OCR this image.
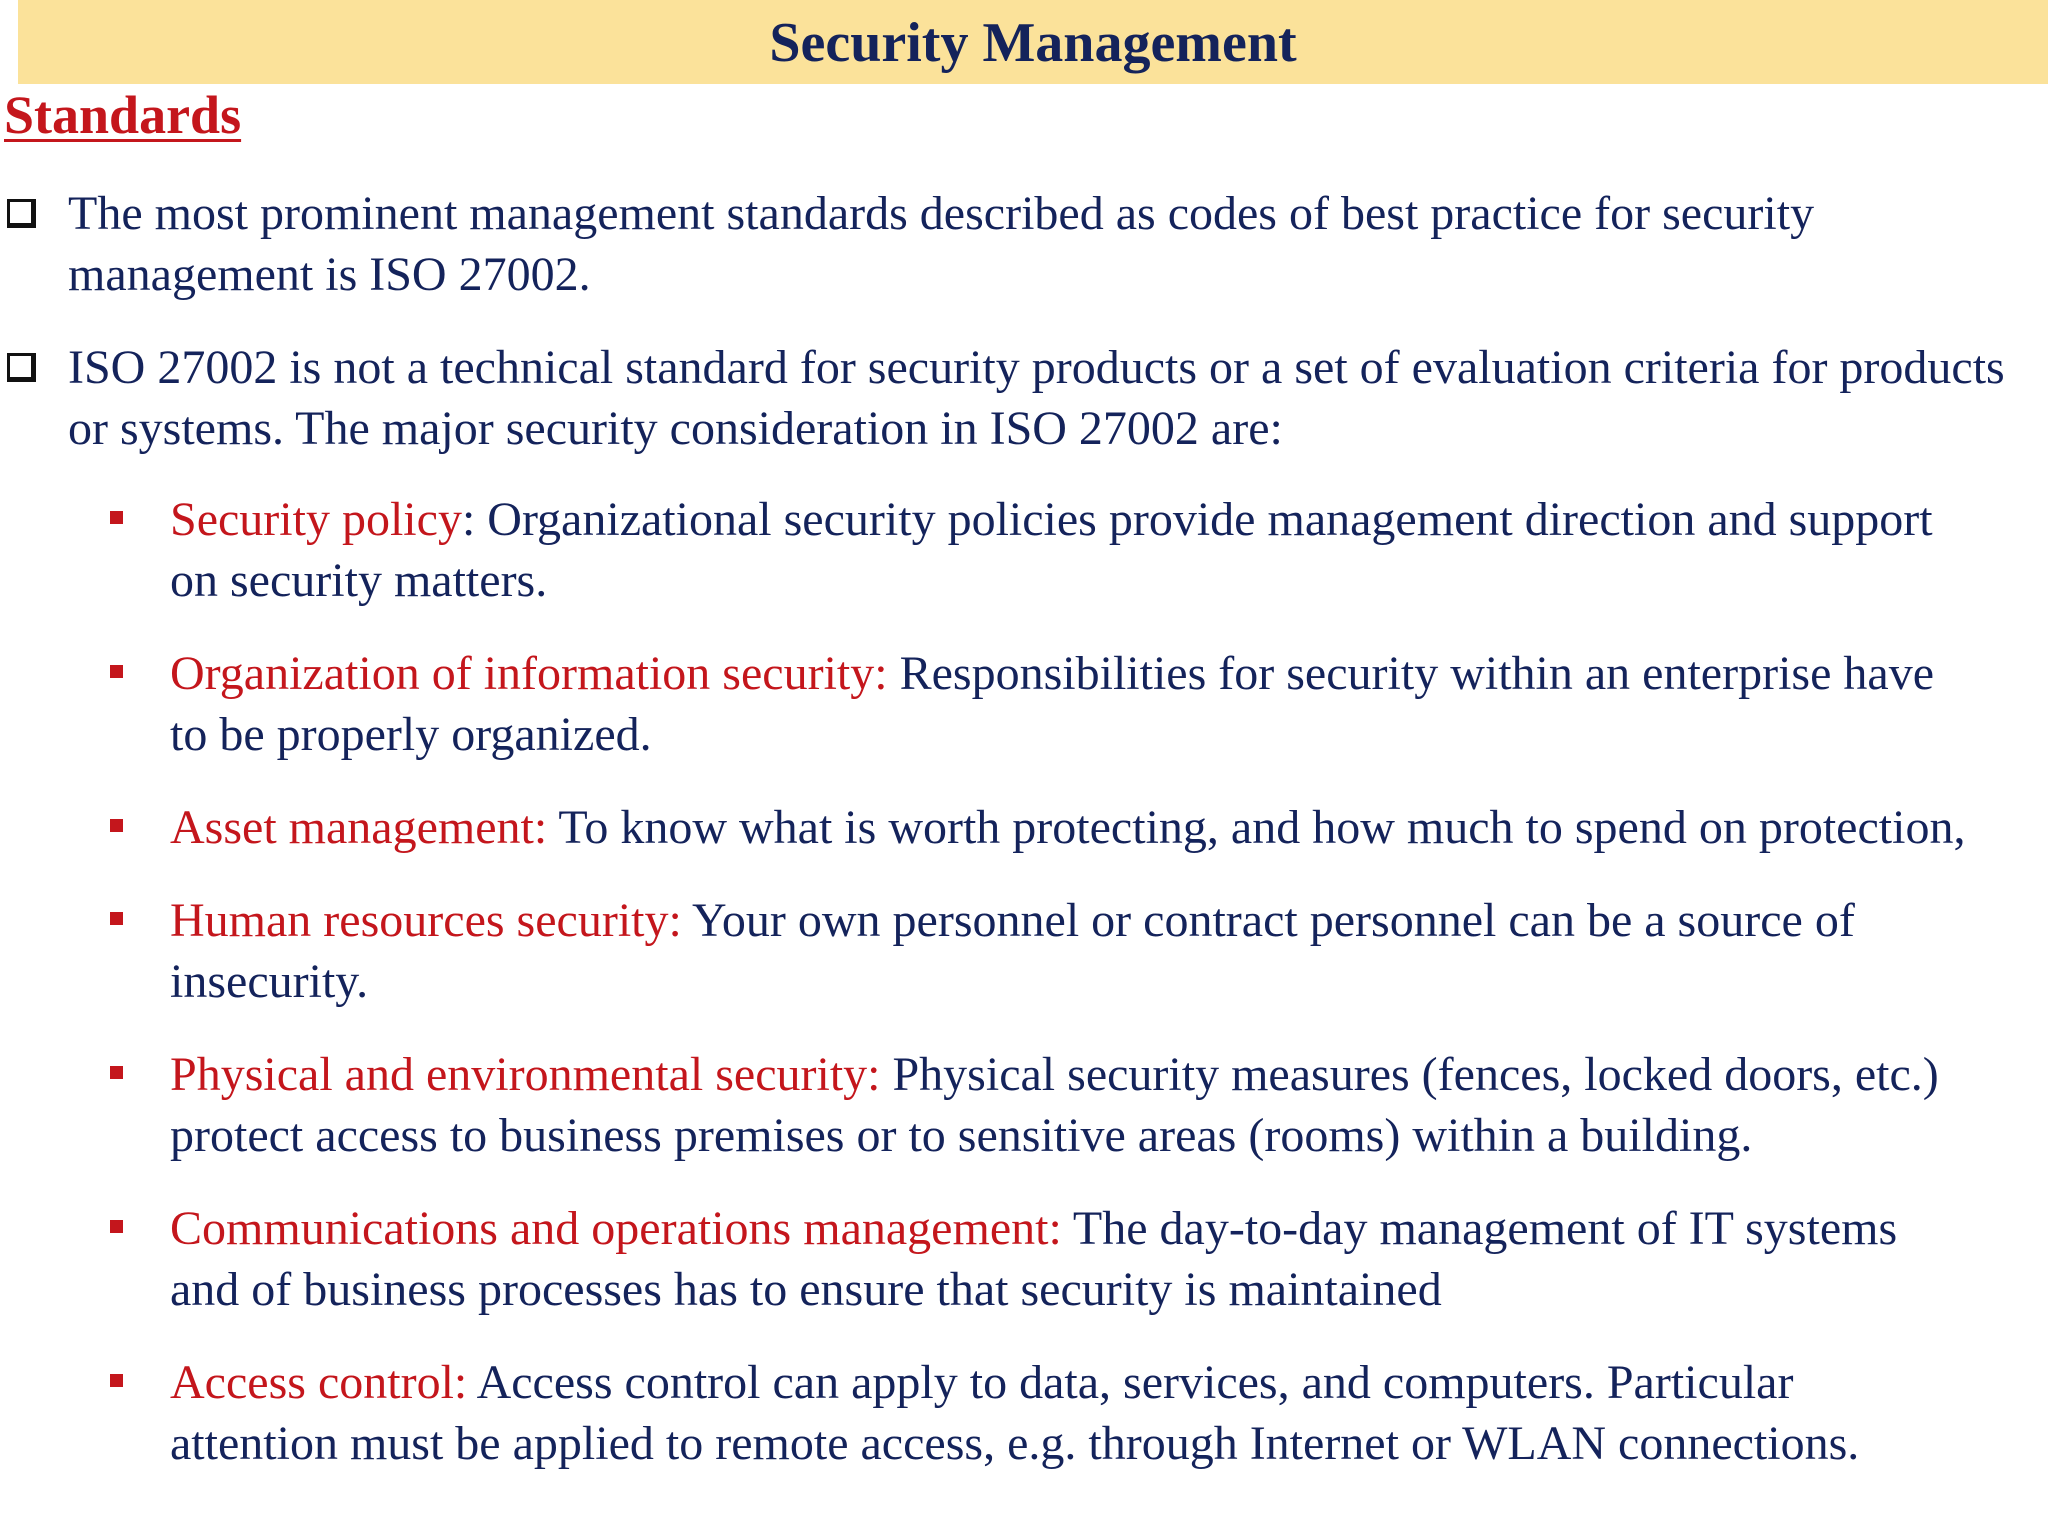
Security Management
Standards
The most prominent management standards described as codes of best practice for security management is ISO 27002.
ISO 27002 is not a technical standard for security products or a set of evaluation criteria for products or systems. The major security consideration in ISO 27002 are:
Security policy: Organizational security policies provide management direction and support on security matters.
Organization of information security: Responsibilities for security within an enterprise have to be properly organized.
Asset management: To know what is worth protecting, and how much to spend on protection,
Human resources security: Your own personnel or contract personnel can be a source of insecurity.
Physical and environmental security: Physical security measures (fences, locked doors, etc.) protect access to business premises or to sensitive areas (rooms) within a building.
Communications and operations management: The day-to-day management of IT systems and of business processes has to ensure that security is maintained
Access control: Access control can apply to data, services, and computers. Particular attention must be applied to remote access, e.g. through Internet or WLAN connections.
